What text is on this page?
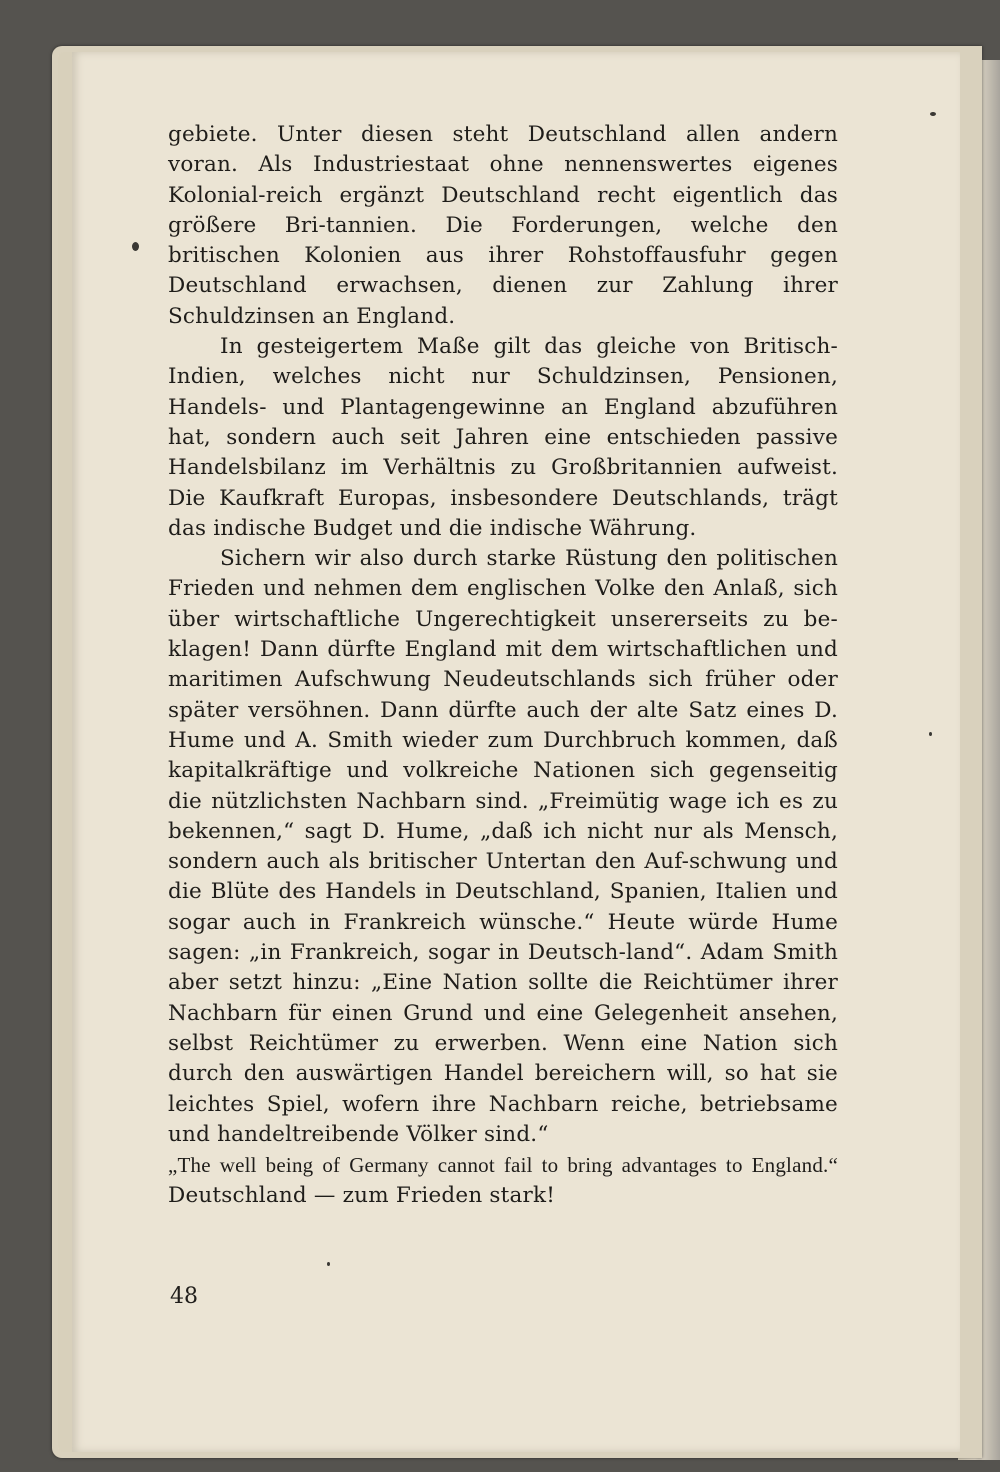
gebiete. Unter diesen steht Deutschland allen andern voran. Als Industriestaat ohne nennenswertes eigenes Kolonial-reich ergänzt Deutschland recht eigentlich das größere Bri-tannien. Die Forderungen, welche den britischen Kolonien aus ihrer Rohstoffausfuhr gegen Deutschland erwachsen, dienen zur Zahlung ihrer Schuldzinsen an England.

In gesteigertem Maße gilt das gleiche von Britisch-Indien, welches nicht nur Schuldzinsen, Pensionen, Handels- und Plantagengewinne an England abzuführen hat, sondern auch seit Jahren eine entschieden passive Handelsbilanz im Verhältnis zu Großbritannien aufweist. Die Kaufkraft Europas, insbesondere Deutschlands, trägt das indische Budget und die indische Währung.

Sichern wir also durch starke Rüstung den politischen Frieden und nehmen dem englischen Volke den Anlaß, sich über wirtschaftliche Ungerechtigkeit unsererseits zu be-klagen! Dann dürfte England mit dem wirtschaftlichen und maritimen Aufschwung Neudeutschlands sich früher oder später versöhnen. Dann dürfte auch der alte Satz eines D. Hume und A. Smith wieder zum Durchbruch kommen, daß kapitalkräftige und volkreiche Nationen sich gegenseitig die nützlichsten Nachbarn sind. „Freimütig wage ich es zu bekennen,“ sagt D. Hume, „daß ich nicht nur als Mensch, sondern auch als britischer Untertan den Auf-schwung und die Blüte des Handels in Deutschland, Spanien, Italien und sogar auch in Frankreich wünsche.“ Heute würde Hume sagen: „in Frankreich, sogar in Deutsch-land“. Adam Smith aber setzt hinzu: „Eine Nation sollte die Reichtümer ihrer Nachbarn für einen Grund und eine Gelegenheit ansehen, selbst Reichtümer zu erwerben. Wenn eine Nation sich durch den auswärtigen Handel bereichern will, so hat sie leichtes Spiel, wofern ihre Nachbarn reiche, betriebsame und handeltreibende Völker sind.“

„The well being of Germany cannot fail to bring advantages to England.“ Deutschland — zum Frieden stark!

48
